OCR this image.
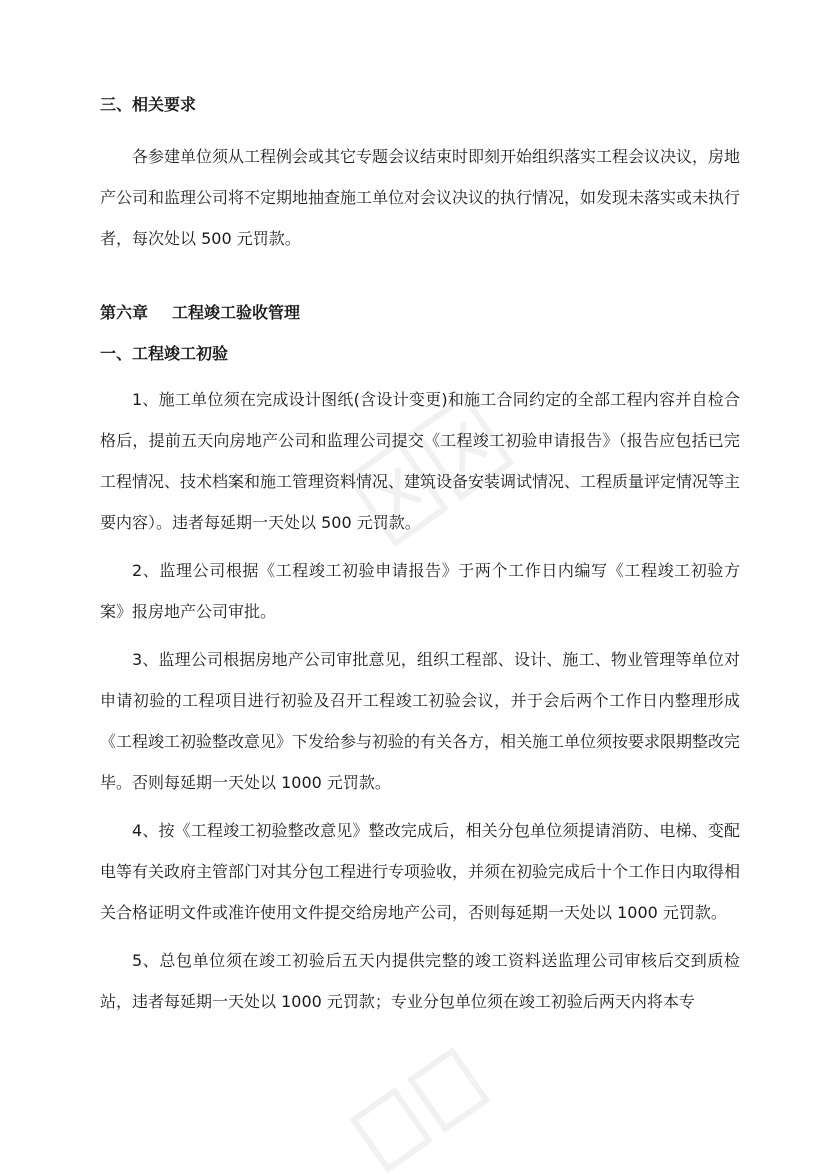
三、相关要求

各参建单位须从工程例会或其它专题会议结束时即刻开始组织落实工程会议决议，房地产公司和监理公司将不定期地抽查施工单位对会议决议的执行情况，如发现未落实或未执行者，每次处以 500 元罚款。

第六章 工程竣工验收管理

一、工程竣工初验

1、施工单位须在完成设计图纸(含设计变更)和施工合同约定的全部工程内容并自检合格后，提前五天向房地产公司和监理公司提交《工程竣工初验申请报告》（报告应包括已完工程情况、技术档案和施工管理资料情况、建筑设备安装调试情况、工程质量评定情况等主要内容）。违者每延期一天处以 500 元罚款。

2、监理公司根据《工程竣工初验申请报告》于两个工作日内编写《工程竣工初验方案》报房地产公司审批。

3、监理公司根据房地产公司审批意见，组织工程部、设计、施工、物业管理等单位对申请初验的工程项目进行初验及召开工程竣工初验会议，并于会后两个工作日内整理形成《工程竣工初验整改意见》下发给参与初验的有关各方，相关施工单位须按要求限期整改完毕。否则每延期一天处以 1000 元罚款。

4、按《工程竣工初验整改意见》整改完成后，相关分包单位须提请消防、电梯、变配电等有关政府主管部门对其分包工程进行专项验收，并须在初验完成后十个工作日内取得相关合格证明文件或准许使用文件提交给房地产公司，否则每延期一天处以 1000 元罚款。

5、总包单位须在竣工初验后五天内提供完整的竣工资料送监理公司审核后交到质检站，违者每延期一天处以 1000 元罚款；专业分包单位须在竣工初验后两天内将本专
